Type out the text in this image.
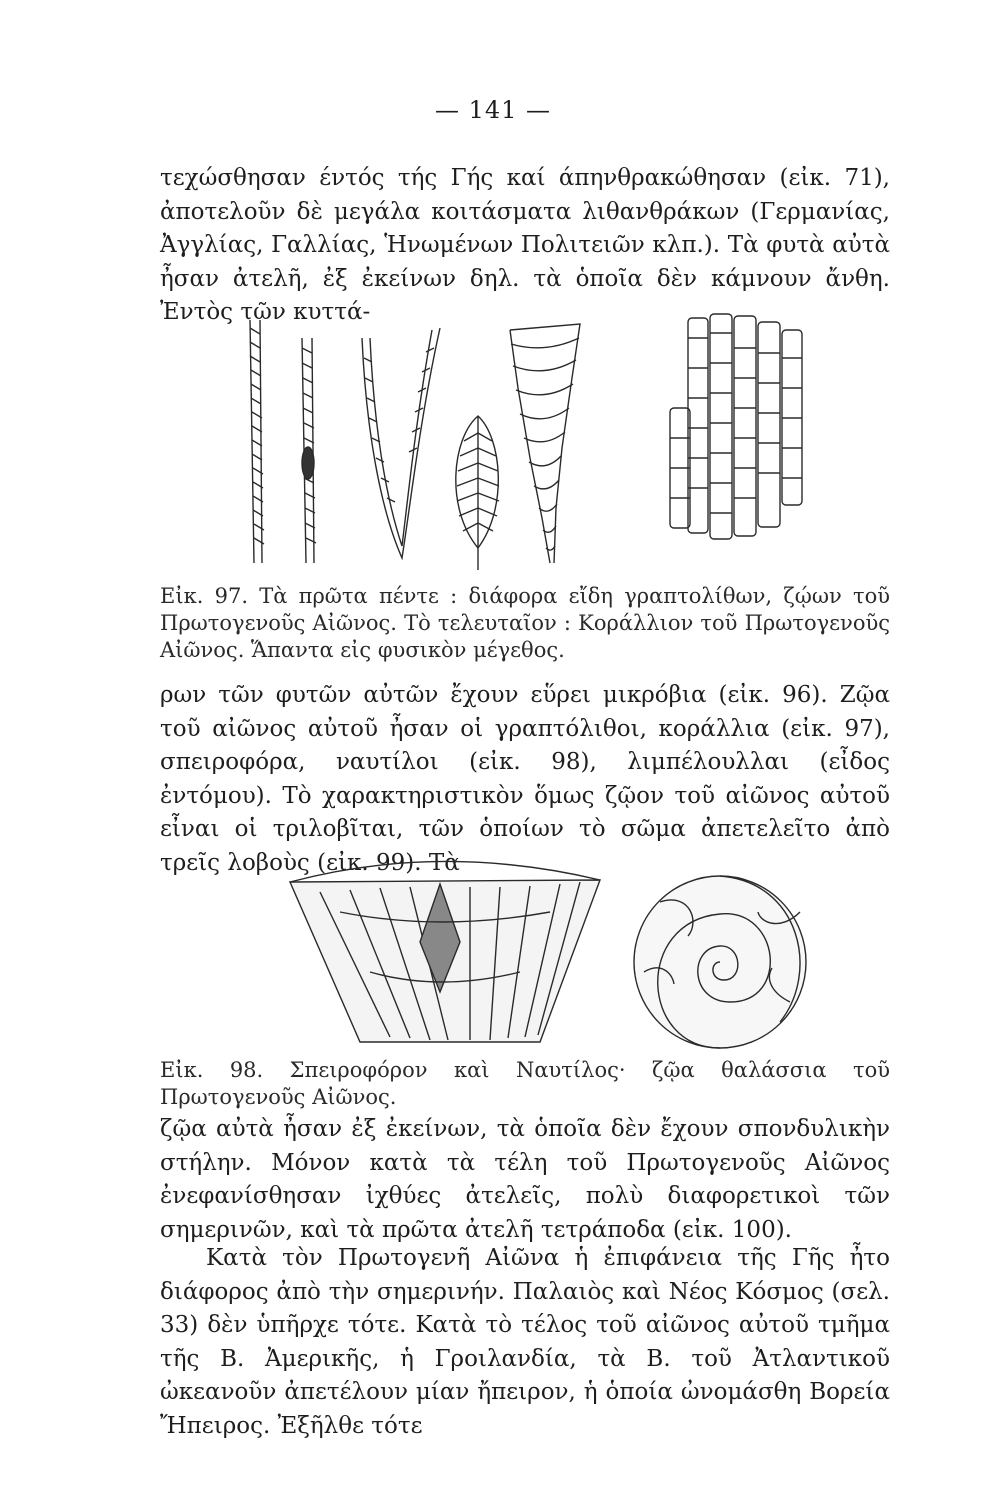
— 141 —

τεχώσθησαν έντός τής Γής καί άπηνθρακώθησαν (εἰκ. 71), ἀποτελοῦν δὲ μεγάλα κοιτάσματα λιθανθράκων (Γερμανίας, Ἀγγλίας, Γαλλίας, Ἡνωμένων Πολιτειῶν κλπ.). Τὰ φυτὰ αὐτὰ ἦσαν ἀτελῆ, ἐξ ἐκείνων δηλ. τὰ ὁποῖα δὲν κάμνουν ἄνθη. Ἐντὸς τῶν κυττά-

Εἰκ. 97. Τὰ πρῶτα πέντε : διάφορα εἴδη γραπτολίθων, ζῴων τοῦ Πρωτογενοῦς Αἰῶνος. Τὸ τελευταῖον : Κοράλλιον τοῦ Πρωτογενοῦς Αἰῶνος. Ἅπαντα εἰς φυσικὸν μέγεθος.

ρων τῶν φυτῶν αὐτῶν ἔχουν εὕρει μικρόβια (εἰκ. 96). Ζῷα τοῦ αἰῶνος αὐτοῦ ἦσαν οἱ γραπτόλιθοι, κοράλλια (εἰκ. 97), σπειροφόρα, ναυτίλοι (εἰκ. 98), λιμπέλουλλαι (εἶδος ἐντόμου). Τὸ χαρακτηριστικὸν ὅμως ζῷον τοῦ αἰῶνος αὐτοῦ εἶναι οἱ τριλοβῖται, τῶν ὁποίων τὸ σῶμα ἀπετελεῖτο ἀπὸ τρεῖς λοβοὺς (εἰκ. 99). Τὰ

Εἰκ. 98. Σπειροφόρον καὶ Ναυτίλος· ζῷα θαλάσσια τοῦ Πρωτογενοῦς Αἰῶνος.

ζῷα αὐτὰ ἦσαν ἐξ ἐκείνων, τὰ ὁποῖα δὲν ἔχουν σπονδυλικὴν στήλην. Μόνον κατὰ τὰ τέλη τοῦ Πρωτογενοῦς Αἰῶνος ἐνεφανίσθησαν ἰχθύες ἀτελεῖς, πολὺ διαφορετικοὶ τῶν σημερινῶν, καὶ τὰ πρῶτα ἀτελῆ τετράποδα (εἰκ. 100).

Κατὰ τὸν Πρωτογενῆ Αἰῶνα ἡ ἐπιφάνεια τῆς Γῆς ἦτο διάφορος ἀπὸ τὴν σημερινήν. Παλαιὸς καὶ Νέος Κόσμος (σελ. 33) δὲν ὑπῆρχε τότε. Κατὰ τὸ τέλος τοῦ αἰῶνος αὐτοῦ τμῆμα τῆς Β. Ἀμερικῆς, ἡ Γροιλανδία, τὰ Β. τοῦ Ἀτλαντικοῦ ὠκεανοῦν ἀπετέλουν μίαν ἤπειρον, ἡ ὁποία ὠνομάσθη Βορεία Ἤπειρος. Ἐξῆλθε τότε
